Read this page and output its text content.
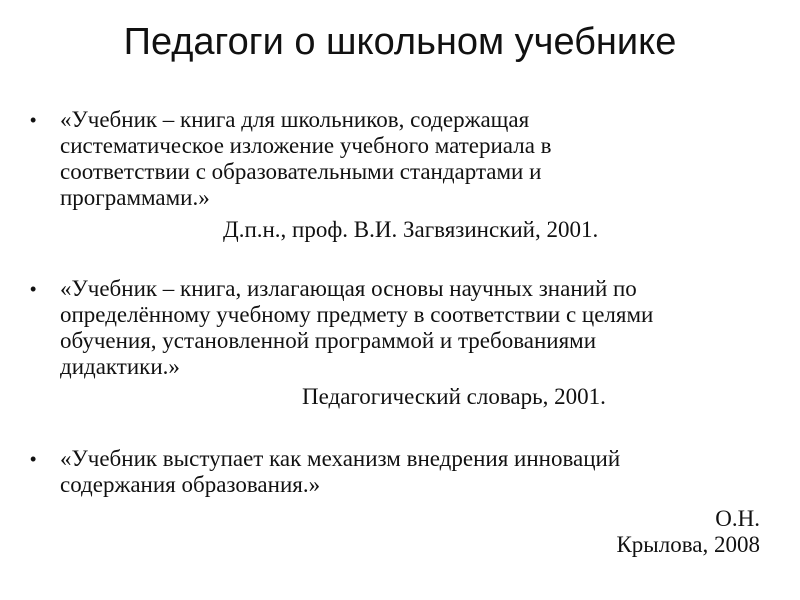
Педагоги о школьном учебнике
• «Учебник – книга для школьников, содержащая
систематическое изложение учебного материала в
соответствии с образовательными стандартами и
программами.»
Д.п.н., проф. В.И. Загвязинский, 2001.
• «Учебник – книга, излагающая основы научных знаний по
определённому учебному предмету в соответствии с целями
обучения, установленной программой и требованиями
дидактики.»
Педагогический словарь, 2001.
• «Учебник выступает как механизм внедрения инноваций
содержания образования.»
О.Н.
Крылова, 2008
